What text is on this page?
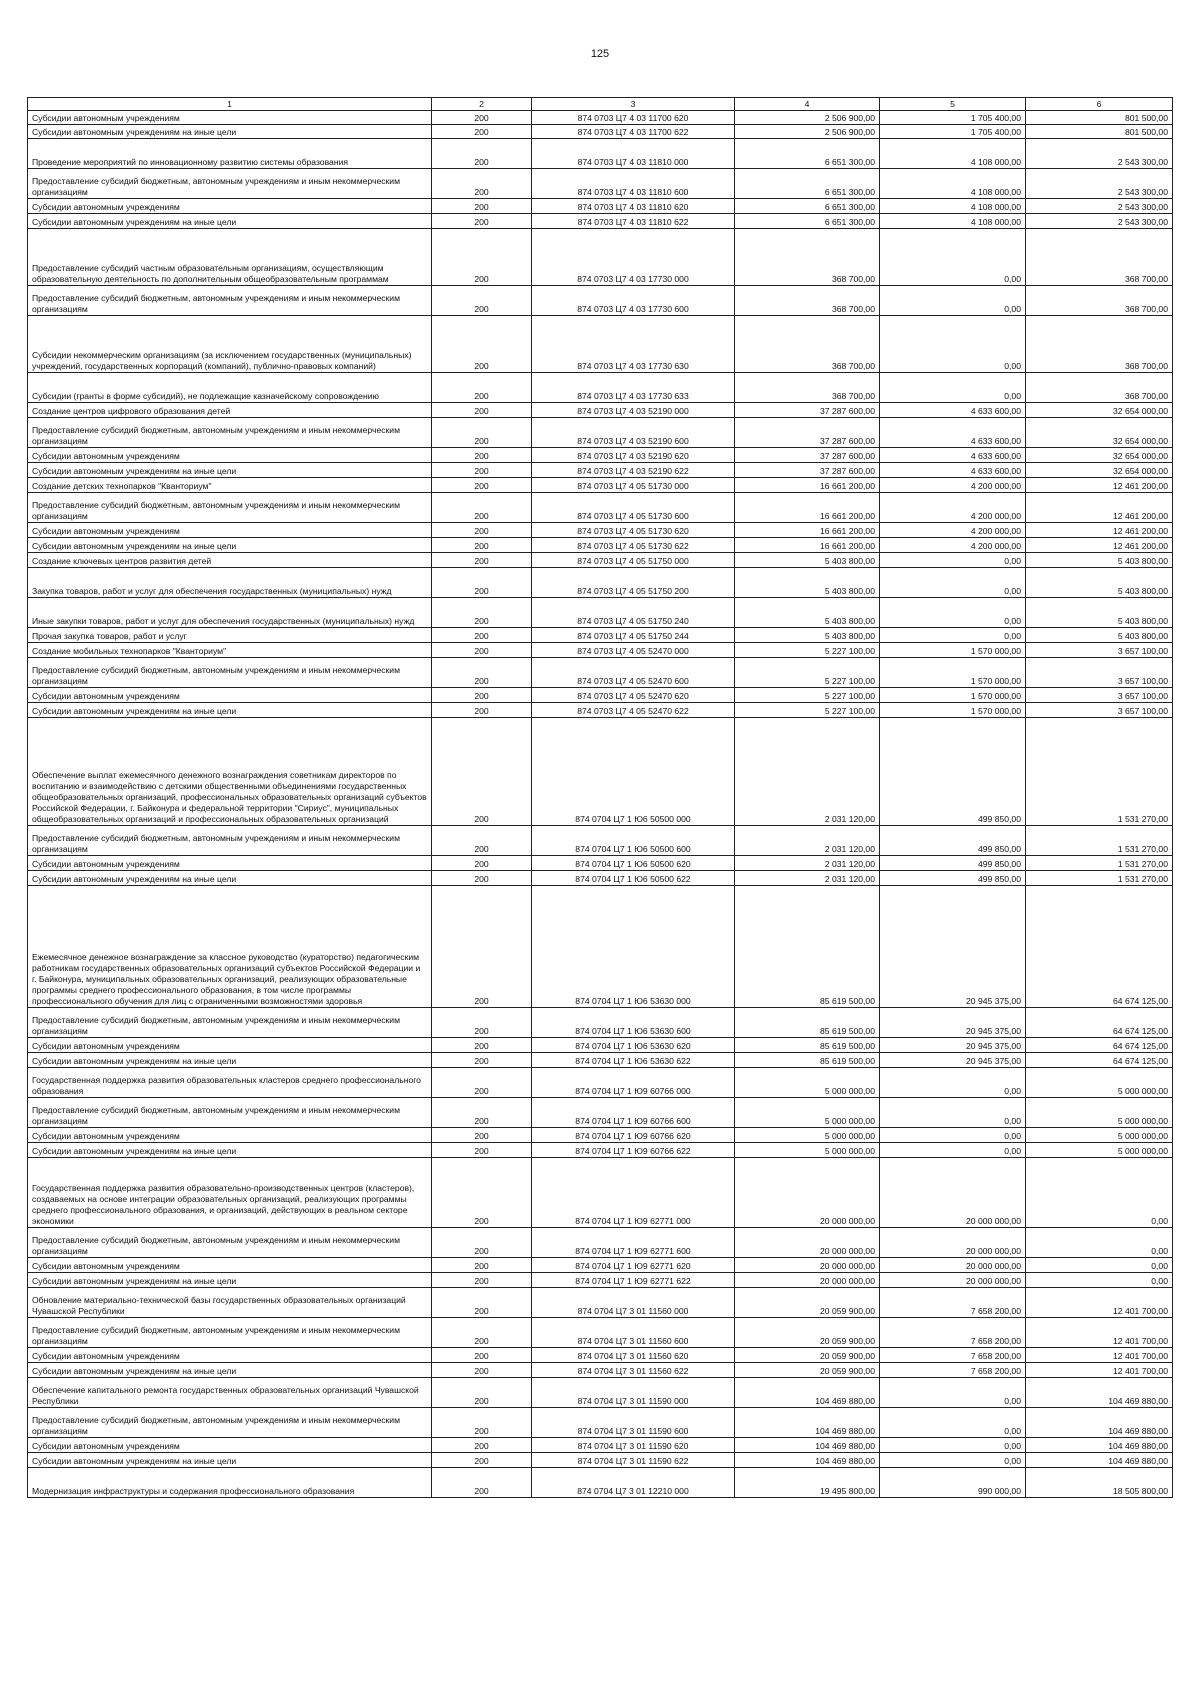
125
1	2	3	4	5	6
Субсидии автономным учреждениям	200	874 0703 Ц7 4 03 11700 620	2 506 900,00	1 705 400,00	801 500,00
Субсидии автономным учреждениям на иные цели	200	874 0703 Ц7 4 03 11700 622	2 506 900,00	1 705 400,00	801 500,00
Проведение мероприятий по инновационному развитию системы образования	200	874 0703 Ц7 4 03 11810 000	6 651 300,00	4 108 000,00	2 543 300,00
Предоставление субсидий бюджетным, автономным учреждениям и иным некоммерческим организациям	200	874 0703 Ц7 4 03 11810 600	6 651 300,00	4 108 000,00	2 543 300,00
Субсидии автономным учреждениям	200	874 0703 Ц7 4 03 11810 620	6 651 300,00	4 108 000,00	2 543 300,00
Субсидии автономным учреждениям на иные цели	200	874 0703 Ц7 4 03 11810 622	6 651 300,00	4 108 000,00	2 543 300,00
Предоставление субсидий частным образовательным организациям, осуществляющим образовательную деятельность по дополнительным общеобразовательным программам	200	874 0703 Ц7 4 03 17730 000	368 700,00	0,00	368 700,00
Предоставление субсидий бюджетным, автономным учреждениям и иным некоммерческим организациям	200	874 0703 Ц7 4 03 17730 600	368 700,00	0,00	368 700,00
Субсидии некоммерческим организациям (за исключением государственных (муниципальных) учреждений, государственных корпораций (компаний), публично-правовых компаний)	200	874 0703 Ц7 4 03 17730 630	368 700,00	0,00	368 700,00
Субсидии (гранты в форме субсидий), не подлежащие казначейскому сопровождению	200	874 0703 Ц7 4 03 17730 633	368 700,00	0,00	368 700,00
Создание центров цифрового образования детей	200	874 0703 Ц7 4 03 52190 000	37 287 600,00	4 633 600,00	32 654 000,00
Предоставление субсидий бюджетным, автономным учреждениям и иным некоммерческим организациям	200	874 0703 Ц7 4 03 52190 600	37 287 600,00	4 633 600,00	32 654 000,00
Субсидии автономным учреждениям	200	874 0703 Ц7 4 03 52190 620	37 287 600,00	4 633 600,00	32 654 000,00
Субсидии автономным учреждениям на иные цели	200	874 0703 Ц7 4 03 52190 622	37 287 600,00	4 633 600,00	32 654 000,00
Создание детских технопарков "Кванториум"	200	874 0703 Ц7 4 05 51730 000	16 661 200,00	4 200 000,00	12 461 200,00
Предоставление субсидий бюджетным, автономным учреждениям и иным некоммерческим организациям	200	874 0703 Ц7 4 05 51730 600	16 661 200,00	4 200 000,00	12 461 200,00
Субсидии автономным учреждениям	200	874 0703 Ц7 4 05 51730 620	16 661 200,00	4 200 000,00	12 461 200,00
Субсидии автономным учреждениям на иные цели	200	874 0703 Ц7 4 05 51730 622	16 661 200,00	4 200 000,00	12 461 200,00
Создание ключевых центров развития детей	200	874 0703 Ц7 4 05 51750 000	5 403 800,00	0,00	5 403 800,00
Закупка товаров, работ и услуг для обеспечения государственных (муниципальных) нужд	200	874 0703 Ц7 4 05 51750 200	5 403 800,00	0,00	5 403 800,00
Иные закупки товаров, работ и услуг для обеспечения государственных (муниципальных) нужд	200	874 0703 Ц7 4 05 51750 240	5 403 800,00	0,00	5 403 800,00
Прочая закупка товаров, работ и услуг	200	874 0703 Ц7 4 05 51750 244	5 403 800,00	0,00	5 403 800,00
Создание мобильных технопарков "Кванториум"	200	874 0703 Ц7 4 05 52470 000	5 227 100,00	1 570 000,00	3 657 100,00
Предоставление субсидий бюджетным, автономным учреждениям и иным некоммерческим организациям	200	874 0703 Ц7 4 05 52470 600	5 227 100,00	1 570 000,00	3 657 100,00
Субсидии автономным учреждениям	200	874 0703 Ц7 4 05 52470 620	5 227 100,00	1 570 000,00	3 657 100,00
Субсидии автономным учреждениям на иные цели	200	874 0703 Ц7 4 05 52470 622	5 227 100,00	1 570 000,00	3 657 100,00
Обеспечение выплат ежемесячного денежного вознаграждения советникам директоров по воспитанию и взаимодействию с детскими общественными объединениями государственных общеобразовательных организаций, профессиональных образовательных организаций субъектов Российской Федерации, г. Байконура и федеральной территории "Сириус", муниципальных общеобразовательных организаций и профессиональных образовательных организаций	200	874 0704 Ц7 1 Ю6 50500 000	2 031 120,00	499 850,00	1 531 270,00
Предоставление субсидий бюджетным, автономным учреждениям и иным некоммерческим организациям	200	874 0704 Ц7 1 Ю6 50500 600	2 031 120,00	499 850,00	1 531 270,00
Субсидии автономным учреждениям	200	874 0704 Ц7 1 Ю6 50500 620	2 031 120,00	499 850,00	1 531 270,00
Субсидии автономным учреждениям на иные цели	200	874 0704 Ц7 1 Ю6 50500 622	2 031 120,00	499 850,00	1 531 270,00
Ежемесячное денежное вознаграждение за классное руководство (кураторство) педагогическим работникам государственных образовательных организаций субъектов Российской Федерации и г. Байконура, муниципальных образовательных организаций, реализующих образовательные программы среднего профессионального образования, в том числе программы профессионального обучения для лиц с ограниченными возможностями здоровья	200	874 0704 Ц7 1 Ю6 53630 000	85 619 500,00	20 945 375,00	64 674 125,00
Предоставление субсидий бюджетным, автономным учреждениям и иным некоммерческим организациям	200	874 0704 Ц7 1 Ю6 53630 600	85 619 500,00	20 945 375,00	64 674 125,00
Субсидии автономным учреждениям	200	874 0704 Ц7 1 Ю6 53630 620	85 619 500,00	20 945 375,00	64 674 125,00
Субсидии автономным учреждениям на иные цели	200	874 0704 Ц7 1 Ю6 53630 622	85 619 500,00	20 945 375,00	64 674 125,00
Государственная поддержка развития образовательных кластеров среднего профессионального образования	200	874 0704 Ц7 1 Ю9 60766 000	5 000 000,00	0,00	5 000 000,00
Предоставление субсидий бюджетным, автономным учреждениям и иным некоммерческим организациям	200	874 0704 Ц7 1 Ю9 60766 600	5 000 000,00	0,00	5 000 000,00
Субсидии автономным учреждениям	200	874 0704 Ц7 1 Ю9 60766 620	5 000 000,00	0,00	5 000 000,00
Субсидии автономным учреждениям на иные цели	200	874 0704 Ц7 1 Ю9 60766 622	5 000 000,00	0,00	5 000 000,00
Государственная поддержка развития образовательно-производственных центров (кластеров), создаваемых на основе интеграции образовательных организаций, реализующих программы среднего профессионального образования, и организаций, действующих в реальном секторе экономики	200	874 0704 Ц7 1 Ю9 62771 000	20 000 000,00	20 000 000,00	0,00
Предоставление субсидий бюджетным, автономным учреждениям и иным некоммерческим организациям	200	874 0704 Ц7 1 Ю9 62771 600	20 000 000,00	20 000 000,00	0,00
Субсидии автономным учреждениям	200	874 0704 Ц7 1 Ю9 62771 620	20 000 000,00	20 000 000,00	0,00
Субсидии автономным учреждениям на иные цели	200	874 0704 Ц7 1 Ю9 62771 622	20 000 000,00	20 000 000,00	0,00
Обновление материально-технической базы государственных образовательных организаций Чувашской Республики	200	874 0704 Ц7 3 01 11560 000	20 059 900,00	7 658 200,00	12 401 700,00
Предоставление субсидий бюджетным, автономным учреждениям и иным некоммерческим организациям	200	874 0704 Ц7 3 01 11560 600	20 059 900,00	7 658 200,00	12 401 700,00
Субсидии автономным учреждениям	200	874 0704 Ц7 3 01 11560 620	20 059 900,00	7 658 200,00	12 401 700,00
Субсидии автономным учреждениям на иные цели	200	874 0704 Ц7 3 01 11560 622	20 059 900,00	7 658 200,00	12 401 700,00
Обеспечение капитального ремонта государственных образовательных организаций Чувашской Республики	200	874 0704 Ц7 3 01 11590 000	104 469 880,00	0,00	104 469 880,00
Предоставление субсидий бюджетным, автономным учреждениям и иным некоммерческим организациям	200	874 0704 Ц7 3 01 11590 600	104 469 880,00	0,00	104 469 880,00
Субсидии автономным учреждениям	200	874 0704 Ц7 3 01 11590 620	104 469 880,00	0,00	104 469 880,00
Субсидии автономным учреждениям на иные цели	200	874 0704 Ц7 3 01 11590 622	104 469 880,00	0,00	104 469 880,00
Модернизация инфраструктуры и содержания профессионального образования	200	874 0704 Ц7 3 01 12210 000	19 495 800,00	990 000,00	18 505 800,00
